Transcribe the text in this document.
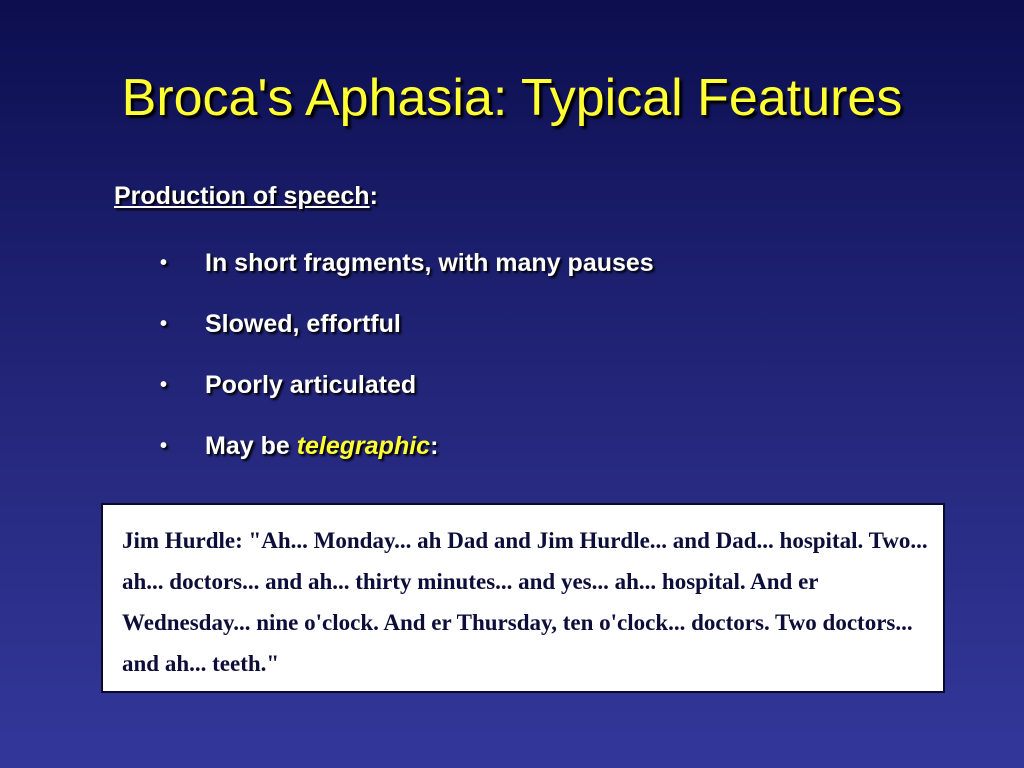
Broca's Aphasia: Typical Features
Production of speech:
• In short fragments, with many pauses
• Slowed, effortful
• Poorly articulated
• May be telegraphic:

Jim Hurdle: "Ah... Monday... ah Dad and Jim Hurdle... and Dad... hospital. Two... ah... doctors... and ah... thirty minutes... and yes... ah... hospital. And er Wednesday... nine o'clock. And er Thursday, ten o'clock... doctors. Two doctors... and ah... teeth."
